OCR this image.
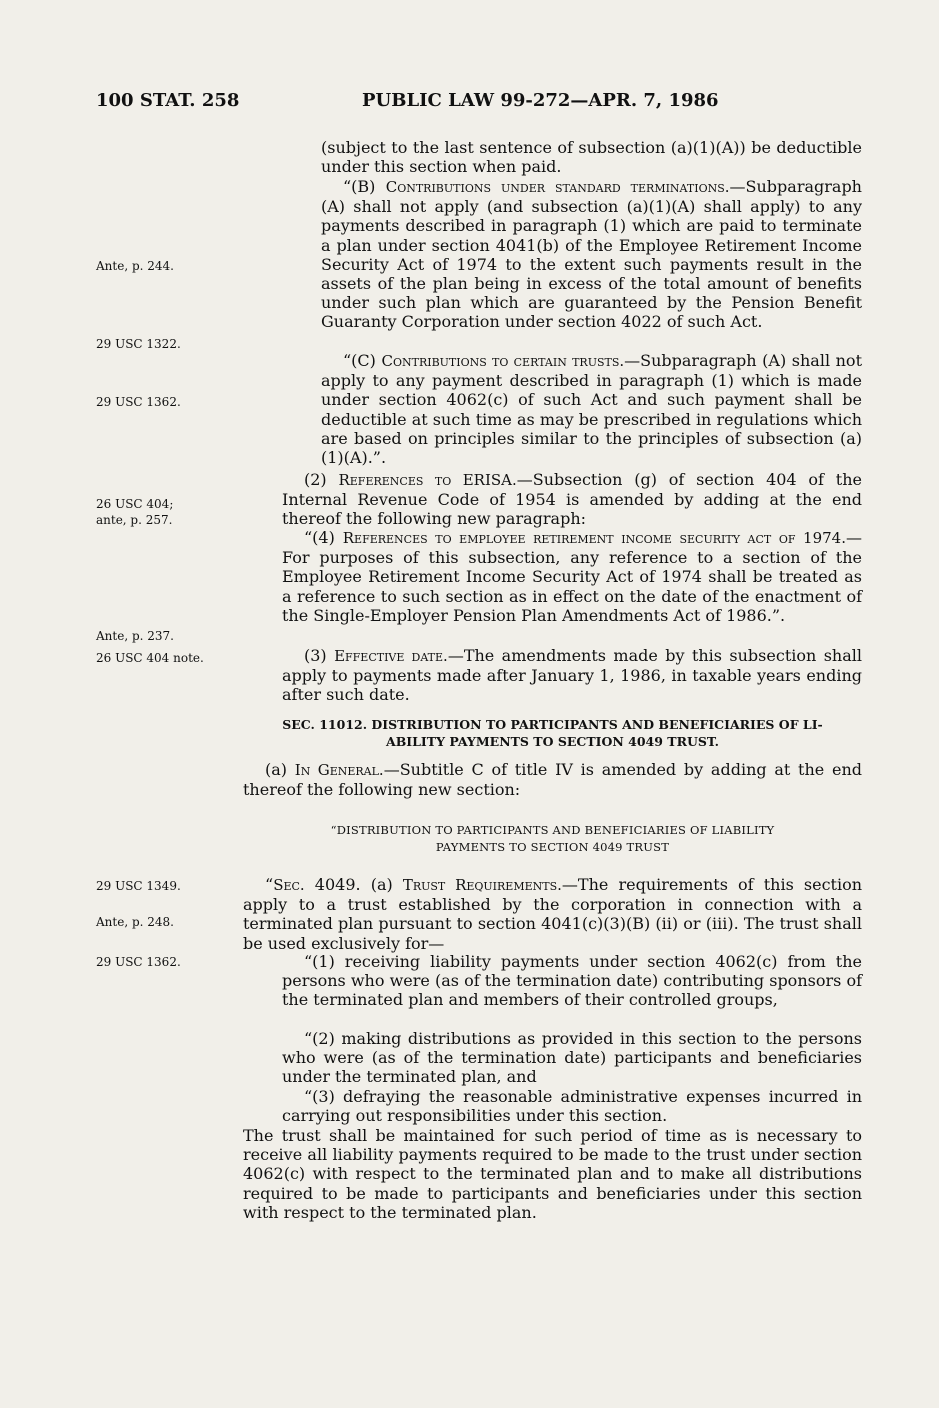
100 STAT. 258	PUBLIC LAW 99-272—APR. 7, 1986
Ante, p. 244.
29 USC 1322.
29 USC 1362.
26 USC 404;
ante, p. 257.
Ante, p. 237.
26 USC 404 note.
29 USC 1349.
Ante, p. 248.
29 USC 1362.
(subject to the last sentence of subsection (a)(1)(A)) be deductible under this section when paid.
“(B) Contributions under standard terminations.—Subparagraph (A) shall not apply (and subsection (a)(1)(A) shall apply) to any payments described in paragraph (1) which are paid to terminate a plan under section 4041(b) of the Employee Retirement Income Security Act of 1974 to the extent such payments result in the assets of the plan being in excess of the total amount of benefits under such plan which are guaranteed by the Pension Benefit Guaranty Corporation under section 4022 of such Act.
“(C) Contributions to certain trusts.—Subparagraph (A) shall not apply to any payment described in paragraph (1) which is made under section 4062(c) of such Act and such payment shall be deductible at such time as may be prescribed in regulations which are based on principles similar to the principles of subsection (a)(1)(A).”.
(2) References to ERISA.—Subsection (g) of section 404 of the Internal Revenue Code of 1954 is amended by adding at the end thereof the following new paragraph:
“(4) References to employee retirement income security act of 1974.—For purposes of this subsection, any reference to a section of the Employee Retirement Income Security Act of 1974 shall be treated as a reference to such section as in effect on the date of the enactment of the Single-Employer Pension Plan Amendments Act of 1986.”.
(3) Effective date.—The amendments made by this subsection shall apply to payments made after January 1, 1986, in taxable years ending after such date.
SEC. 11012. DISTRIBUTION TO PARTICIPANTS AND BENEFICIARIES OF LI-
ABILITY PAYMENTS TO SECTION 4049 TRUST.
(a) In General.—Subtitle C of title IV is amended by adding at the end thereof the following new section:
“DISTRIBUTION TO PARTICIPANTS AND BENEFICIARIES OF LIABILITY
PAYMENTS TO SECTION 4049 TRUST
“Sec. 4049. (a) Trust Requirements.—The requirements of this section apply to a trust established by the corporation in connection with a terminated plan pursuant to section 4041(c)(3)(B) (ii) or (iii). The trust shall be used exclusively for—
“(1) receiving liability payments under section 4062(c) from the persons who were (as of the termination date) contributing sponsors of the terminated plan and members of their controlled groups,
“(2) making distributions as provided in this section to the persons who were (as of the termination date) participants and beneficiaries under the terminated plan, and
“(3) defraying the reasonable administrative expenses incurred in carrying out responsibilities under this section.
The trust shall be maintained for such period of time as is necessary to receive all liability payments required to be made to the trust under section 4062(c) with respect to the terminated plan and to make all distributions required to be made to participants and beneficiaries under this section with respect to the terminated plan.
